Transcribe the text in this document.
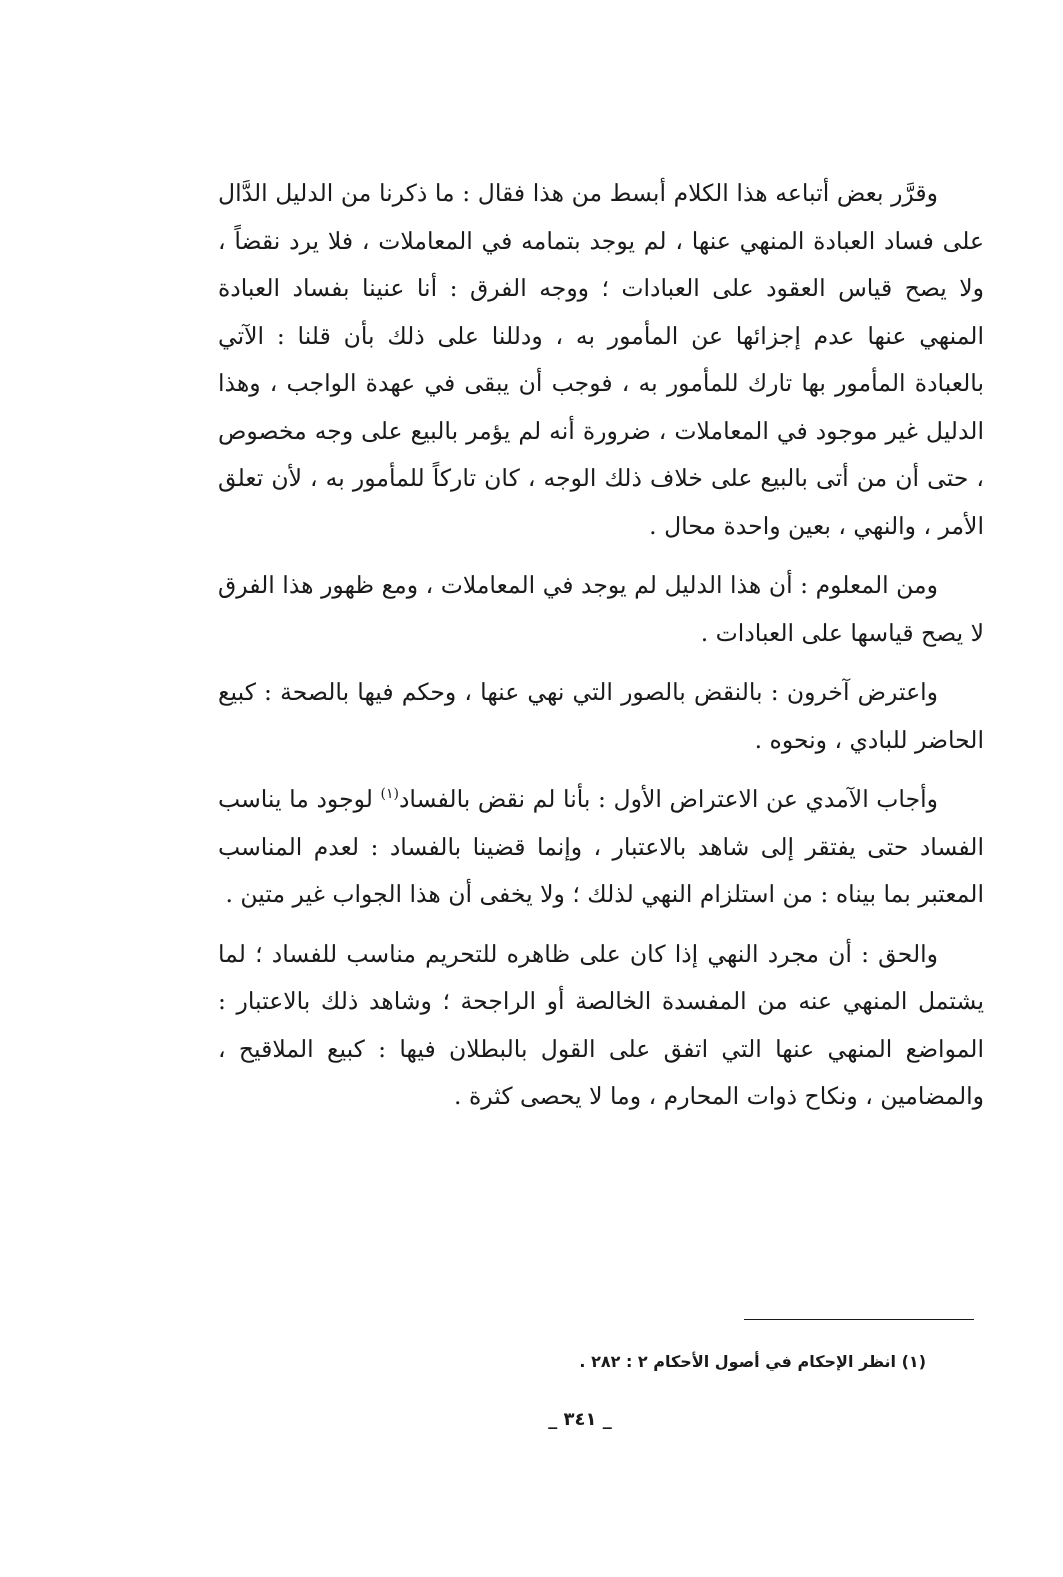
وقرَّر بعض أتباعه هذا الكلام أبسط من هذا فقال : ما ذكرنا من الدليل الدَّال على فساد العبادة المنهي عنها ، لم يوجد بتمامه في المعاملات ، فلا يرد نقضاً ، ولا يصح قياس العقود على العبادات ؛ ووجه الفرق : أنا عنينا بفساد العبادة المنهي عنها عدم إجزائها عن المأمور به ، ودللنا على ذلك بأن قلنا : الآتي بالعبادة المأمور بها تارك للمأمور به ، فوجب أن يبقى في عهدة الواجب ، وهذا الدليل غير موجود في المعاملات ، ضرورة أنه لم يؤمر بالبيع على وجه مخصوص ، حتى أن من أتى بالبيع على خلاف ذلك الوجه ، كان تاركاً للمأمور به ، لأن تعلق الأمر ، والنهي ، بعين واحدة محال .

ومن المعلوم : أن هذا الدليل لم يوجد في المعاملات ، ومع ظهور هذا الفرق لا يصح قياسها على العبادات .

واعترض آخرون : بالنقض بالصور التي نهي عنها ، وحكم فيها بالصحة : كبيع الحاضر للبادي ، ونحوه .

وأجاب الآمدي عن الاعتراض الأول : بأنا لم نقض بالفساد$^{(١)}$ لوجود ما يناسب الفساد حتى يفتقر إلى شاهد بالاعتبار ، وإنما قضينا بالفساد : لعدم المناسب المعتبر بما بيناه : من استلزام النهي لذلك ؛ ولا يخفى أن هذا الجواب غير متين .

والحق : أن مجرد النهي إذا كان على ظاهره للتحريم مناسب للفساد ؛ لما يشتمل المنهي عنه من المفسدة الخالصة أو الراجحة ؛ وشاهد ذلك بالاعتبار : المواضع المنهي عنها التي اتفق على القول بالبطلان فيها : كبيع الملاقيح ، والمضامين ، ونكاح ذوات المحارم ، وما لا يحصى كثرة .

(١) انظر الإحكام في أصول الأحكام ٢ : ٢٨٢ .
_ ٣٤١ _
